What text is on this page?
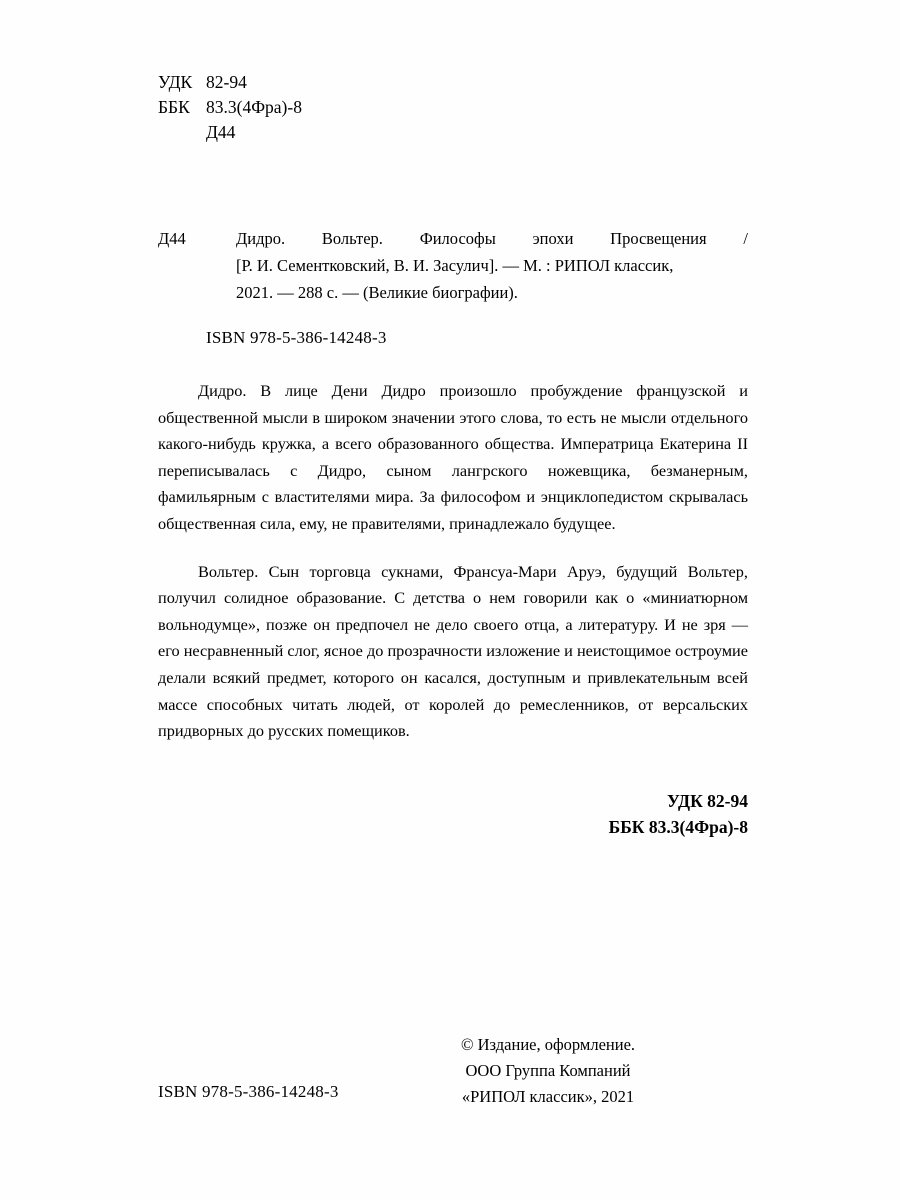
УДК 82-94
ББК 83.3(4Фра)-8
Д44
Д44	Дидро. Вольтер. Философы эпохи Просвещения /
[Р. И. Сементковский, В. И. Засулич]. — М. : РИПОЛ классик,
2021. — 288 с. — (Великие биографии).
ISBN 978-5-386-14248-3

Дидро. В лице Дени Дидро произошло пробуждение французской и общественной мысли в широком значении этого слова, то есть не мысли отдельного какого-нибудь кружка, а всего образованного общества. Императрица Екатерина II переписывалась с Дидро, сыном лангрского ножевщика, безманерным, фамильярным с властителями мира. За философом и энциклопедистом скрывалась общественная сила, ему, не правителями, принадлежало будущее.

Вольтер. Сын торговца сукнами, Франсуа-Мари Аруэ, будущий Вольтер, получил солидное образование. С детства о нем говорили как о «миниатюрном вольнодумце», позже он предпочел не дело своего отца, а литературу. И не зря — его несравненный слог, ясное до прозрачности изложение и неистощимое остроумие делали всякий предмет, которого он касался, доступным и привлекательным всей массе способных читать людей, от королей до ремесленников, от версальских придворных до русских помещиков.

УДК 82-94
ББК 83.3(4Фра)-8
© Издание, оформление.
ООО Группа Компаний
«РИПОЛ классик», 2021
ISBN 978-5-386-14248-3
